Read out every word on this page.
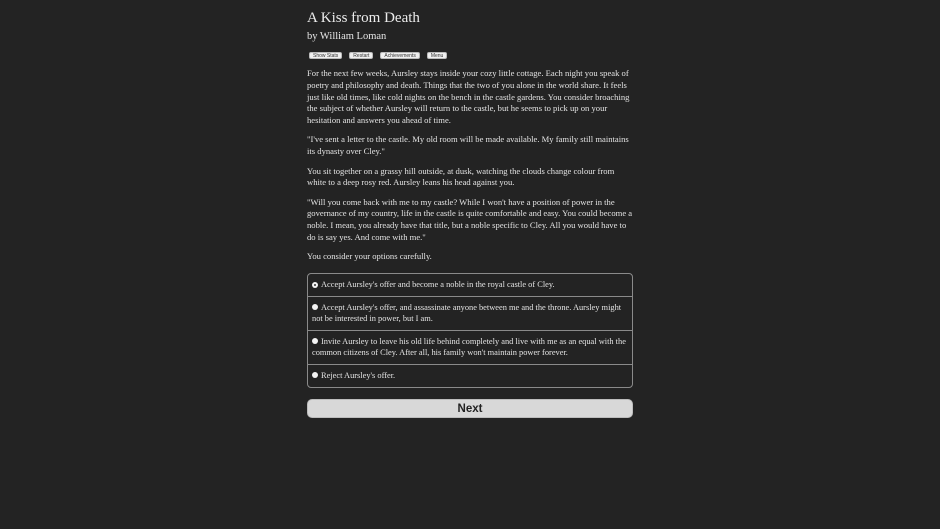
A Kiss from Death
by William Loman
Show Stats	Restart	Achievements	Menu

For the next few weeks, Aursley stays inside your cozy little cottage. Each night you speak of poetry and philosophy and death. Things that the two of you alone in the world share. It feels just like old times, like cold nights on the bench in the castle gardens. You consider broaching the subject of whether Aursley will return to the castle, but he seems to pick up on your hesitation and answers you ahead of time.

"I've sent a letter to the castle. My old room will be made available. My family still maintains its dynasty over Cley."

You sit together on a grassy hill outside, at dusk, watching the clouds change colour from white to a deep rosy red. Aursley leans his head against you.

"Will you come back with me to my castle? While I won't have a position of power in the governance of my country, life in the castle is quite comfortable and easy. You could become a noble. I mean, you already have that title, but a noble specific to Cley. All you would have to do is say yes. And come with me."

You consider your options carefully.

Accept Aursley's offer and become a noble in the royal castle of Cley.
Accept Aursley's offer, and assassinate anyone between me and the throne. Aursley might not be interested in power, but I am.
Invite Aursley to leave his old life behind completely and live with me as an equal with the common citizens of Cley. After all, his family won't maintain power forever.
Reject Aursley's offer.
Next
